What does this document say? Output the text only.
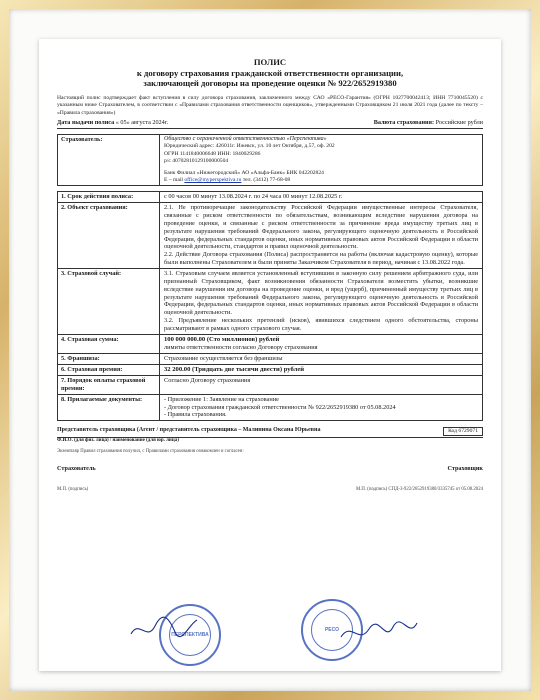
ПОЛИС
к договору страхования гражданской ответственности организации,
заключающей договоры на проведение оценки № 922/2652919380
Настоящий полис подтверждает факт вступления в силу договора страхования, заключенного между САО «РЕСО-Гарантия» (ОГРН 1027700042413; ИНН 7710045520) с указанным ниже Страхователем, в соответствии с «Правилами страхования ответственности оценщиков», утвержденными Страховщиком 21 июля 2021 года (далее по тексту – «Правила страхования»)
Дата выдачи полиса « 05» августа 2024г.	Валюта страхования: Российские рубли
Страхователь:	Общество с ограниченной ответственностью «Перспектива»
Юридический адрес: 426011г. Ижевск, ул. 10 лет Октября, д.57, оф. 202
ОГРН 1141840006648 ИНН: 1840029286
р/с 40702810129100000504
Банк Филиал «Нижегородский» АО «Альфа-Банк» БИК 042202824
E – mail office@myperspektiva.ru тел. (3412) 77-68-08
1. Срок действия полиса:	с 00 часов 00 минут 13.08.2024 г. по 24 часа 00 минут 12.08.2025 г.
2. Объект страхования:	2.1. Не противоречащие законодательству Российской Федерации имущественные интересы Страхователя, связанные с риском ответственности по обязательствам, возникающим вследствие нарушения договора на проведение оценки, и связанные с риском ответственности за причинение вреда имуществу третьих лиц в результате нарушения требований Федерального закона, регулирующего оценочную деятельность в Российской Федерации, федеральных стандартов оценки, иных нормативных правовых актов Российской Федерации в области оценочной деятельности, стандартов и правил оценочной деятельности.
2.2. Действие Договора страхования (Полиса) распространяется на работы (включая кадастровую оценку), которые были выполнены Страхователем и были приняты Заказчиком Страхователя в период, начиная с 13.08.2022 года.
3. Страховой случай:	3.1. Страховым случаем является установленный вступившим в законную силу решением арбитражного суда, или признанный Страховщиком, факт возникновения обязанности Страхователя возместить убытки, возникшие вследствие нарушения им договора на проведение оценки, и вред (ущерб), причиненный имуществу третьих лиц в результате нарушения требований Федерального закона, регулирующего оценочную деятельность в Российской Федерации, федеральных стандартов оценки, иных нормативных правовых актов Российской Федерации в области оценочной деятельности.
3.2. Предъявление нескольких претензий (исков), явившихся следствием одного обстоятельства, стороны рассматривают в рамках одного страхового случая.
4. Страховая сумма:	100 000 000.00 (Сто миллионов) рублей
лимиты ответственности согласно Договору страхования
5. Франшиза:	Страхование осуществляется без франшизы
6. Страховая премия:	32 200.00 (Тридцать две тысячи двести) рублей
7. Порядок оплаты страховой премии:
Согласно Договору страхования
8. Прилагаемые документы:	- Приложение 1: Заявление на страхование
- Договор страхования гражданской ответственности № 922/2652919380 от 05.08.2024
- Правила страхования.
Представитель страховщика (Агент / представитель страховщика – Малинина Оксана Юрьевна	Код 6729071
Ф.И.О. (для физ. лица) / наименование (для юр. лица)
Экземпляр Правил страхования получил, с Правилами страхования ознакомлен и согласен:
Страхователь	Страховщик
М.П. (подпись)	М.П. (подпись) СПД-3-922/2652919380/3335745 от 05.08.2024
ПЕРСПЕКТИВА
РЕСО
